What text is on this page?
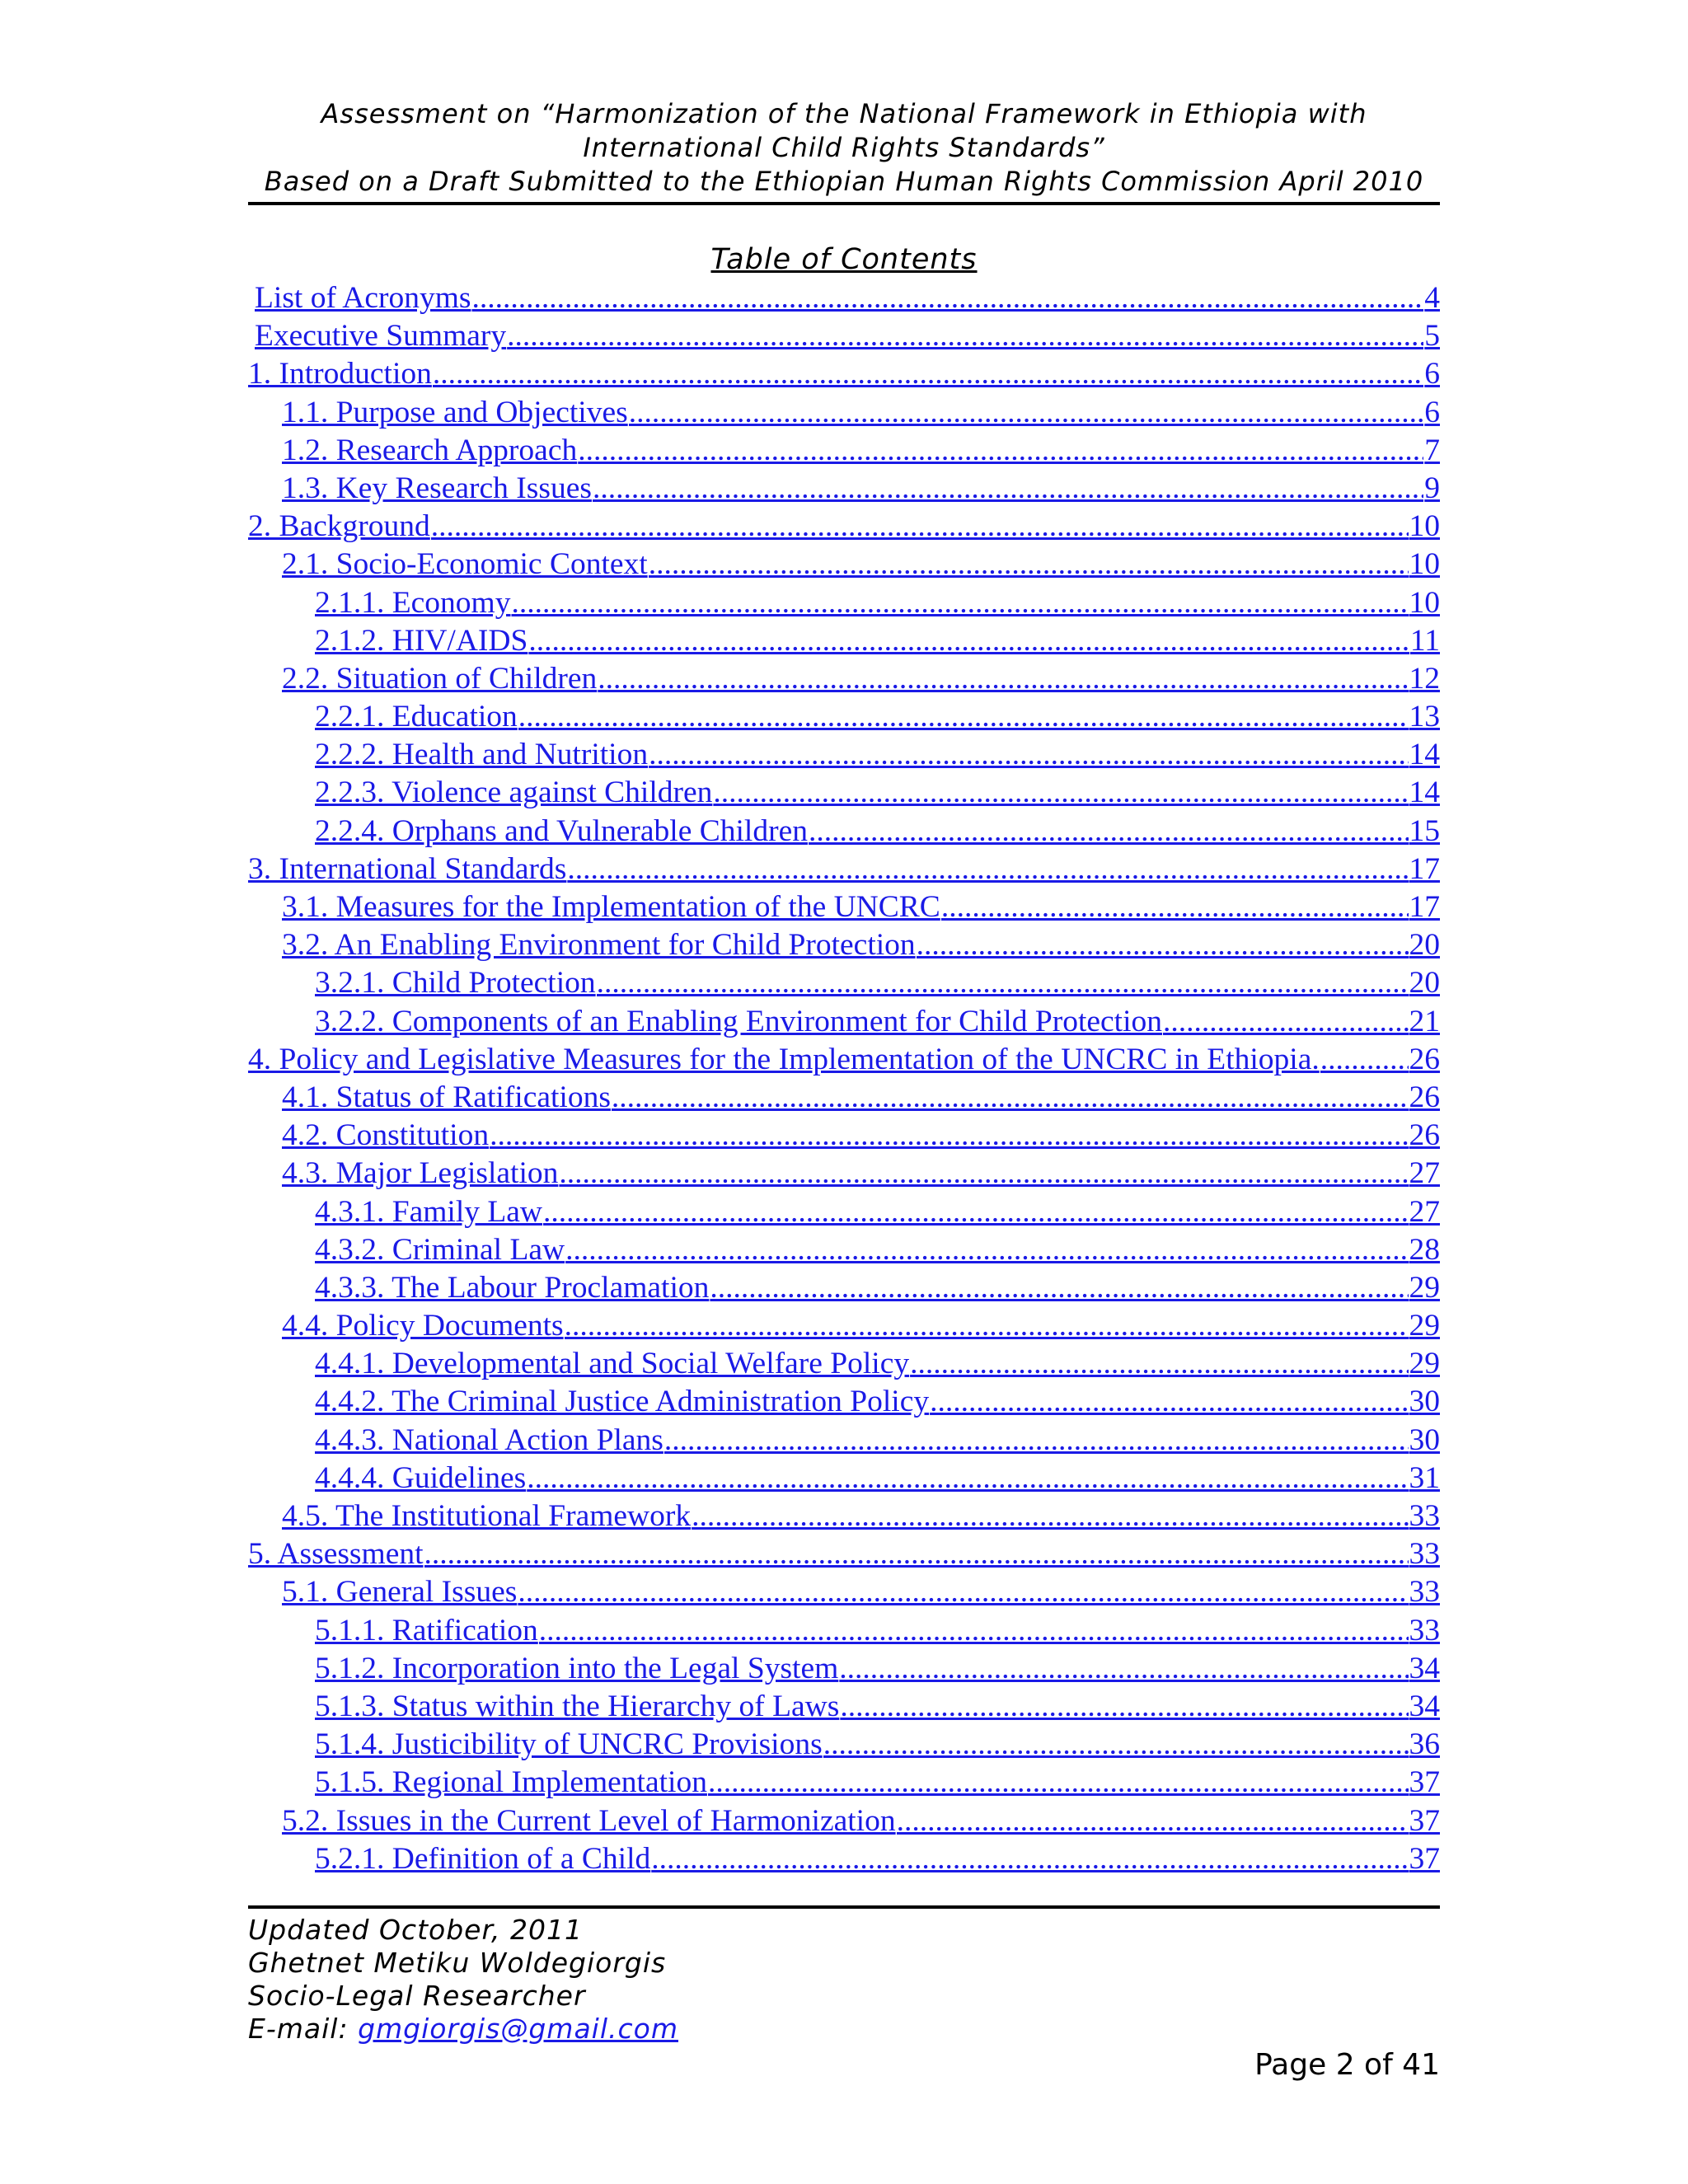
Assessment on “Harmonization of the National Framework in Ethiopia with
International Child Rights Standards”
Based on a Draft Submitted to the Ethiopian Human Rights Commission April 2010
Table of Contents
List of Acronyms .....	4
Executive Summary .....	5
1. Introduction .....	6
1.1. Purpose and Objectives .....	6
1.2. Research Approach .....	7
1.3. Key Research Issues .....	9
2. Background .....	10
2.1. Socio-Economic Context .....	10
2.1.1. Economy .....	10
2.1.2. HIV/AIDS .....	11
2.2. Situation of Children .....	12
2.2.1. Education .....	13
2.2.2. Health and Nutrition .....	14
2.2.3. Violence against Children .....	14
2.2.4. Orphans and Vulnerable Children .....	15
3. International Standards .....	17
3.1. Measures for the Implementation of the UNCRC .....	17
3.2. An Enabling Environment for Child Protection .....	20
3.2.1. Child Protection .....	20
3.2.2. Components of an Enabling Environment for Child Protection .....	21
4. Policy and Legislative Measures for the Implementation of the UNCRC in Ethiopia. .....	26
4.1. Status of Ratifications .....	26
4.2. Constitution .....	26
4.3. Major Legislation .....	27
4.3.1. Family Law .....	27
4.3.2. Criminal Law .....	28
4.3.3. The Labour Proclamation .....	29
4.4. Policy Documents .....	29
4.4.1. Developmental and Social Welfare Policy .....	29
4.4.2. The Criminal Justice Administration Policy .....	30
4.4.3. National Action Plans .....	30
4.4.4. Guidelines .....	31
4.5. The Institutional Framework .....	33
5. Assessment .....	33
5.1. General Issues .....	33
5.1.1. Ratification .....	33
5.1.2. Incorporation into the Legal System .....	34
5.1.3. Status within the Hierarchy of Laws .....	34
5.1.4. Justicibility of UNCRC Provisions .....	36
5.1.5. Regional Implementation .....	37
5.2. Issues in the Current Level of Harmonization .....	37
5.2.1. Definition of a Child .....	37
Updated October, 2011
Ghetnet Metiku Woldegiorgis
Socio-Legal Researcher
E-mail: gmgiorgis@gmail.com
Page 2 of 41
